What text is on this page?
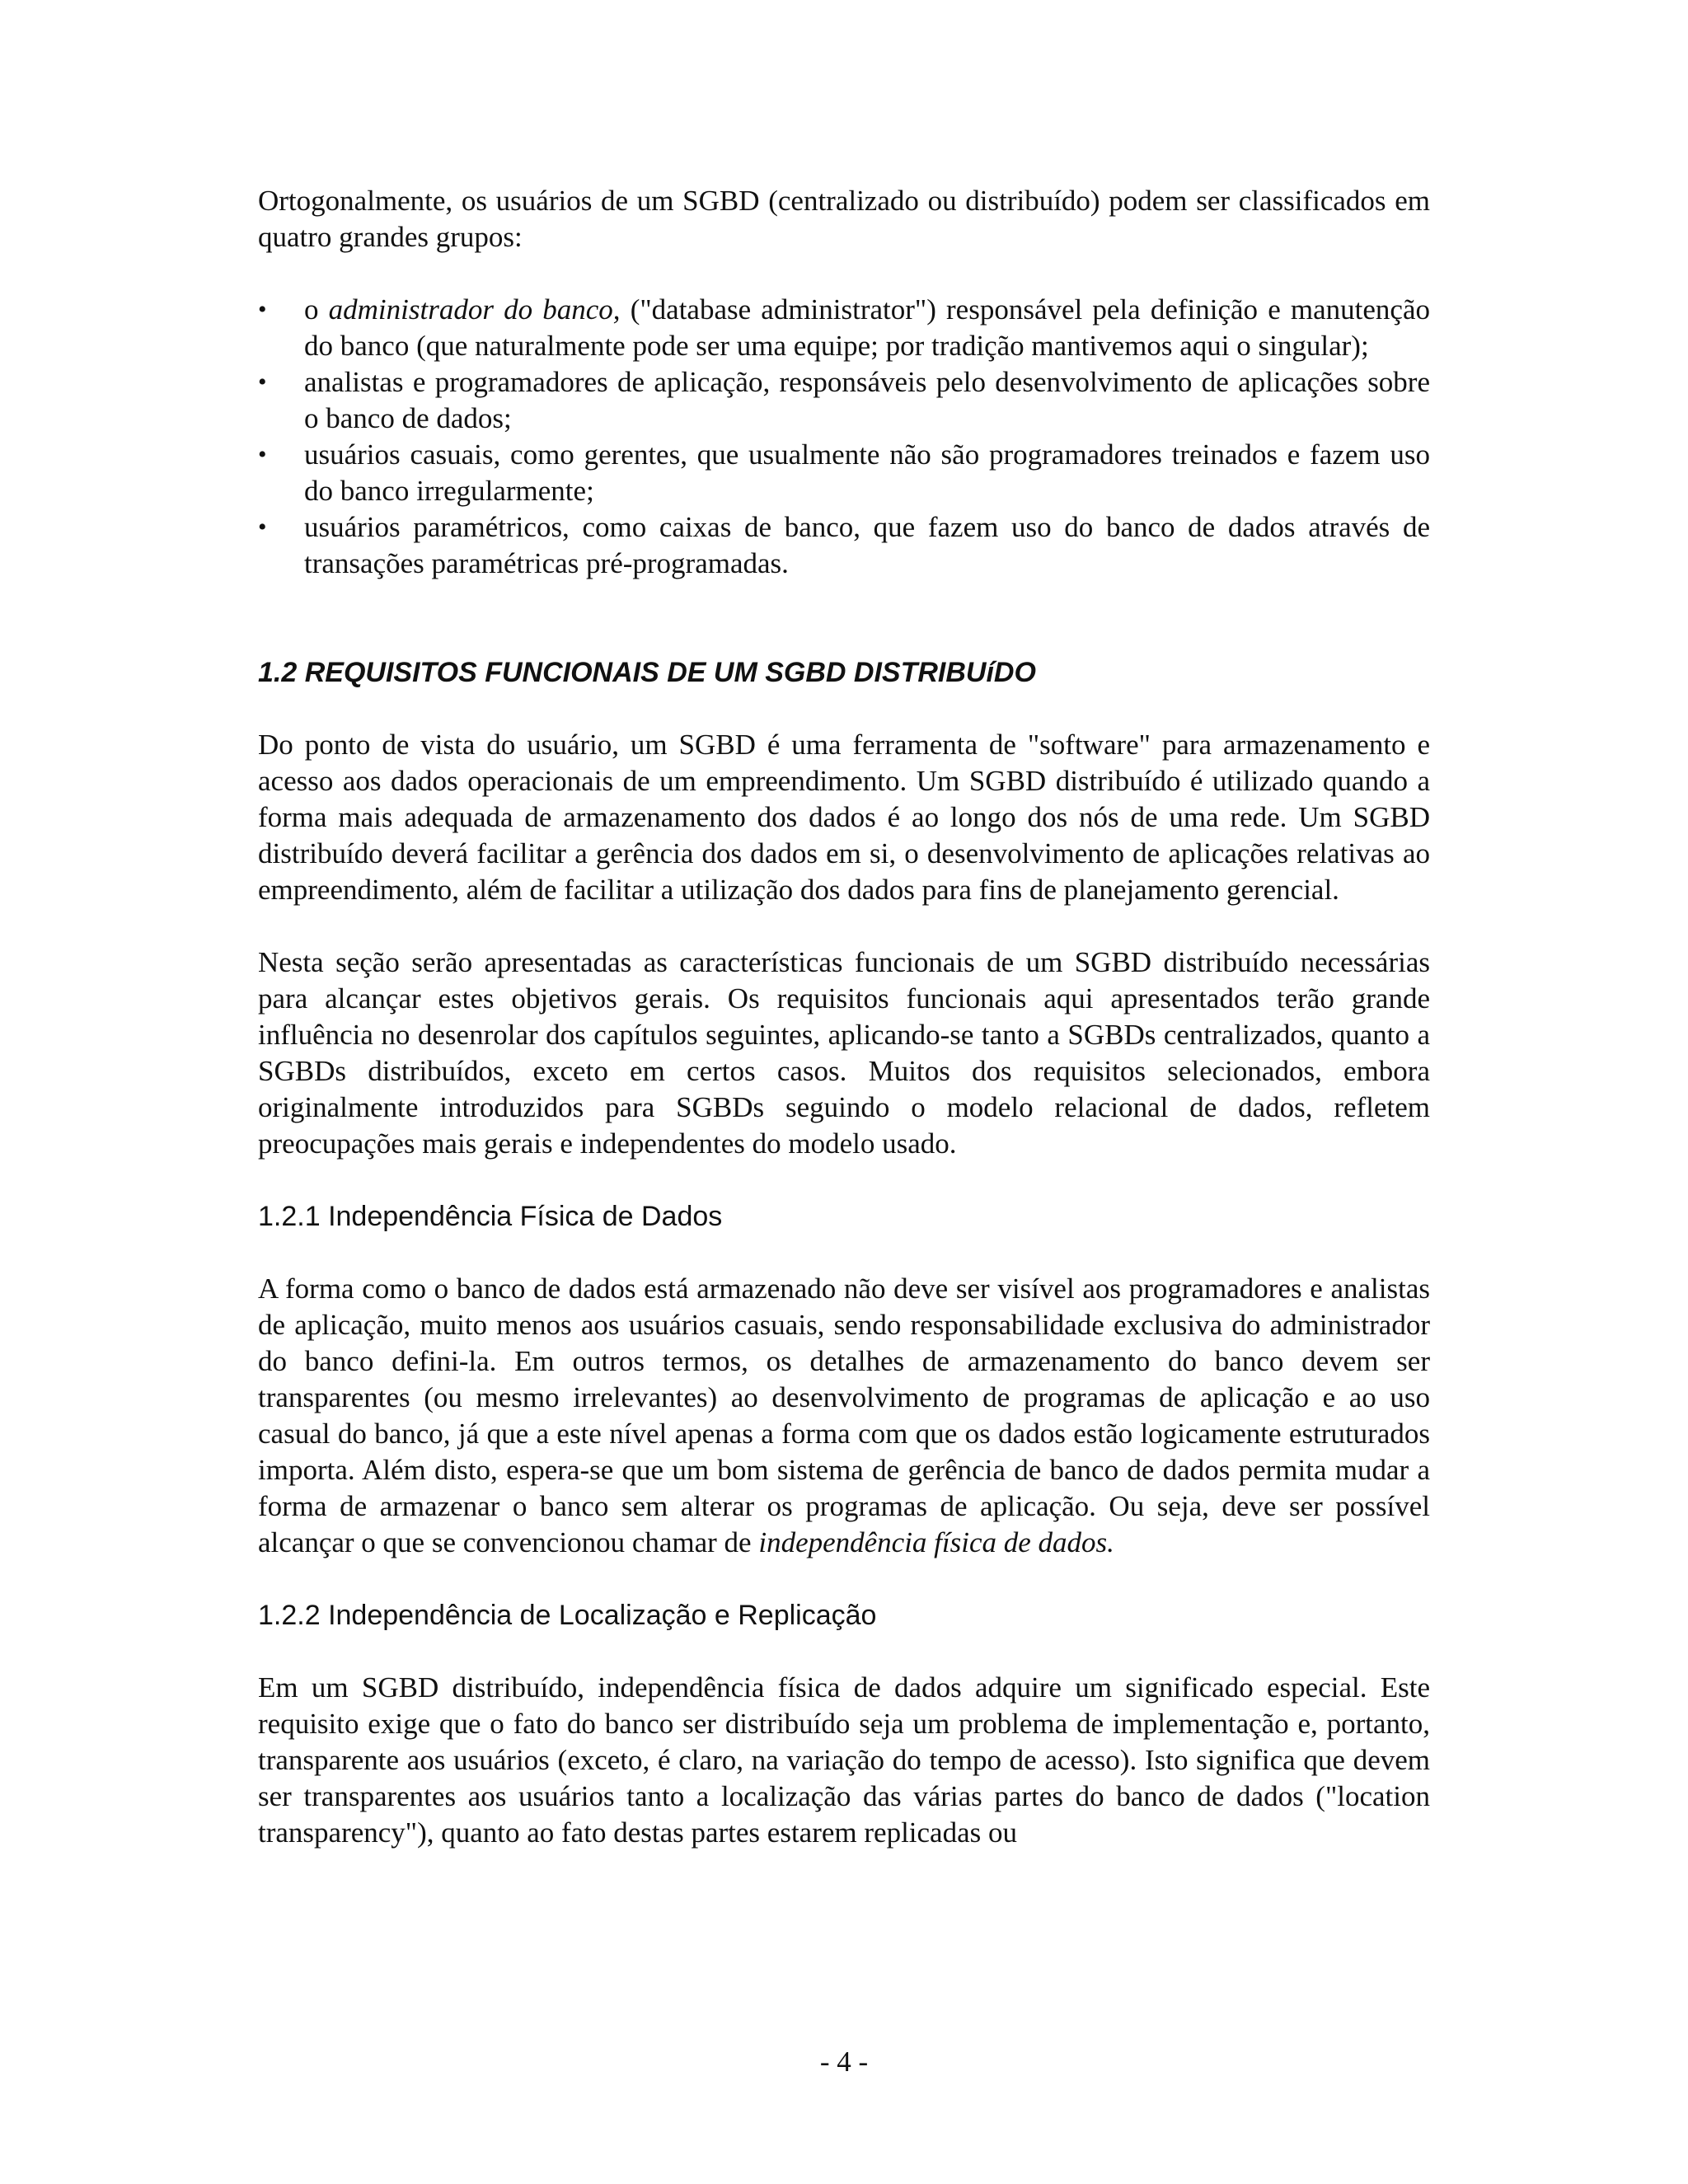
Ortogonalmente, os usuários de um SGBD (centralizado ou distribuído) podem ser classificados em quatro grandes grupos:

• o administrador do banco, ("database administrator") responsável pela definição e manutenção do banco (que naturalmente pode ser uma equipe; por tradição mantivemos aqui o singular);
• analistas e programadores de aplicação, responsáveis pelo desenvolvimento de aplicações sobre o banco de dados;
• usuários casuais, como gerentes, que usualmente não são programadores treinados e fazem uso do banco irregularmente;
• usuários paramétricos, como caixas de banco, que fazem uso do banco de dados através de transações paramétricas pré-programadas.
1.2 REQUISITOS FUNCIONAIS DE UM SGBD DISTRIBUíDO

Do ponto de vista do usuário, um SGBD é uma ferramenta de "software" para armazenamento e acesso aos dados operacionais de um empreendimento. Um SGBD distribuído é utilizado quando a forma mais adequada de armazenamento dos dados é ao longo dos nós de uma rede. Um SGBD distribuído deverá facilitar a gerência dos dados em si, o desenvolvimento de aplicações relativas ao empreendimento, além de facilitar a utilização dos dados para fins de planejamento gerencial.

Nesta seção serão apresentadas as características funcionais de um SGBD distribuído necessárias para alcançar estes objetivos gerais. Os requisitos funcionais aqui apresentados terão grande influência no desenrolar dos capítulos seguintes, aplicando-se tanto a SGBDs centralizados, quanto a SGBDs distribuídos, exceto em certos casos. Muitos dos requisitos selecionados, embora originalmente introduzidos para SGBDs seguindo o modelo relacional de dados, refletem preocupações mais gerais e independentes do modelo usado.

1.2.1 Independência Física de Dados

A forma como o banco de dados está armazenado não deve ser visível aos programadores e analistas de aplicação, muito menos aos usuários casuais, sendo responsabilidade exclusiva do administrador do banco defini-la. Em outros termos, os detalhes de armazenamento do banco devem ser transparentes (ou mesmo irrelevantes) ao desenvolvimento de programas de aplicação e ao uso casual do banco, já que a este nível apenas a forma com que os dados estão logicamente estruturados importa. Além disto, espera-se que um bom sistema de gerência de banco de dados permita mudar a forma de armazenar o banco sem alterar os programas de aplicação. Ou seja, deve ser possível alcançar o que se convencionou chamar de independência física de dados.

1.2.2 Independência de Localização e Replicação

Em um SGBD distribuído, independência física de dados adquire um significado especial. Este requisito exige que o fato do banco ser distribuído seja um problema de implementação e, portanto, transparente aos usuários (exceto, é claro, na variação do tempo de acesso). Isto significa que devem ser transparentes aos usuários tanto a localização das várias partes do banco de dados ("location transparency"), quanto ao fato destas partes estarem replicadas ou

- 4 -
